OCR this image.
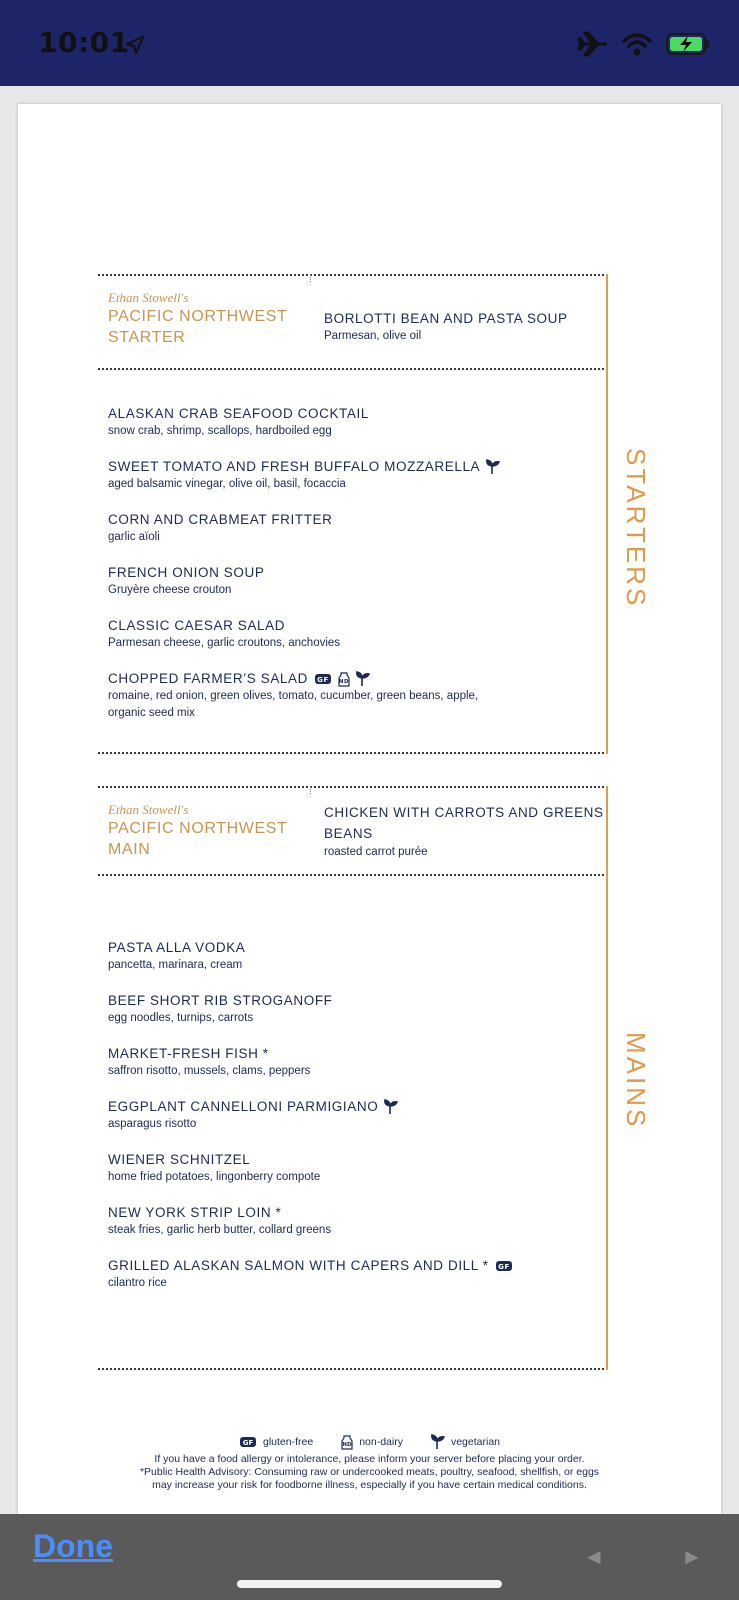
10:01
Ethan Stowell's
PACIFIC NORTHWEST
STARTER
BORLOTTI BEAN AND PASTA SOUP
Parmesan, olive oil
STARTERS
ALASKAN CRAB SEAFOOD COCKTAIL
snow crab, shrimp, scallops, hardboiled egg
SWEET TOMATO AND FRESH BUFFALO MOZZARELLA
aged balsamic vinegar, olive oil, basil, focaccia
CORN AND CRABMEAT FRITTER
garlic aïoli
FRENCH ONION SOUP
Gruyère cheese crouton
CLASSIC CAESAR SALAD
Parmesan cheese, garlic croutons, anchovies
CHOPPED FARMER’S SALAD GF ND
romaine, red onion, green olives, tomato, cucumber, green beans, apple,
organic seed mix
Ethan Stowell's
PACIFIC NORTHWEST
MAIN
CHICKEN WITH CARROTS AND GREENS
BEANS
roasted carrot purée
MAINS
PASTA ALLA VODKA
pancetta, marinara, cream
BEEF SHORT RIB STROGANOFF
egg noodles, turnips, carrots
MARKET-FRESH FISH *
saffron risotto, mussels, clams, peppers
EGGPLANT CANNELLONI PARMIGIANO
asparagus risotto
WIENER SCHNITZEL
home fried potatoes, lingonberry compote
NEW YORK STRIP LOIN *
steak fries, garlic herb butter, collard greens
GRILLED ALASKAN SALMON WITH CAPERS AND DILL * GF
cilantro rice
GF gluten-free	ND non-dairy	vegetarian
If you have a food allergy or intolerance, please inform your server before placing your order.
*Public Health Advisory: Consuming raw or undercooked meats, poultry, seafood, shellfish, or eggs
may increase your risk for foodborne illness, especially if you have certain medical conditions.
Done	◄	►
